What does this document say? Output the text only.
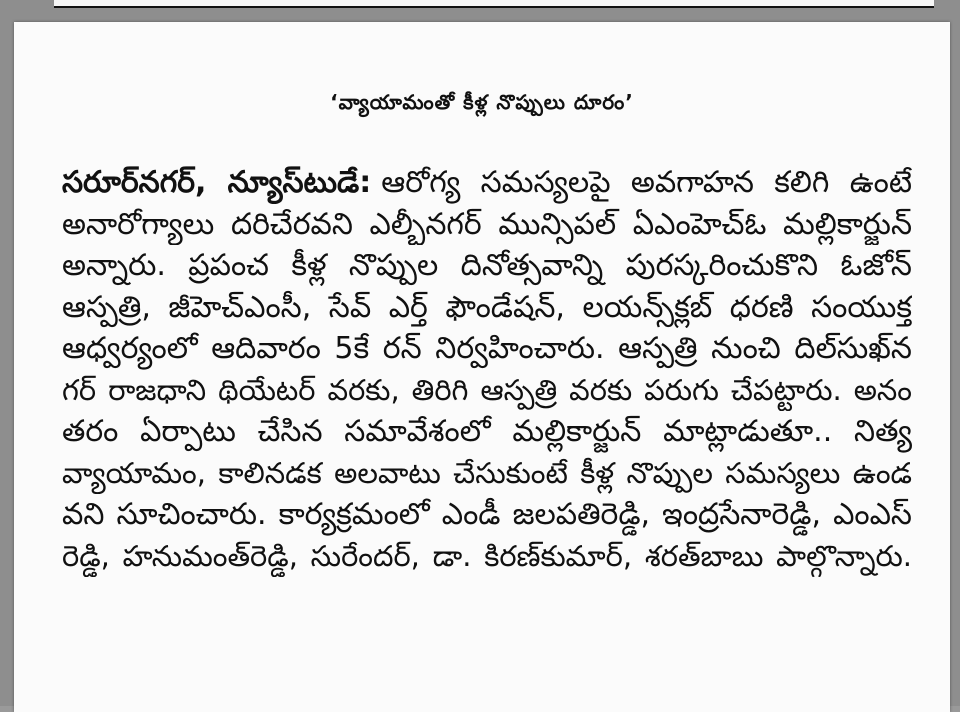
‘వ్యాయామంతో కీళ్ల నొప్పులు దూరం’
సరూర్‌నగర్, న్యూస్‌టుడే: ఆరోగ్య సమస్యలపై అవగాహన కలిగి ఉంటే
అనారోగ్యాలు దరిచేరవని ఎల్బీనగర్ మున్సిపల్ ఏఎంహెచ్‌ఓ మల్లికార్జున్
అన్నారు. ప్రపంచ కీళ్ల నొప్పుల దినోత్సవాన్ని పురస్కరించుకొని ఓజోన్
ఆస్పత్రి, జీహెచ్ఎంసీ, సేవ్ ఎర్త్ ఫౌండేషన్, లయన్స్‌క్లబ్ ధరణి సంయుక్త
ఆధ్వర్యంలో ఆదివారం 5కే రన్ నిర్వహించారు. ఆస్పత్రి నుంచి దిల్‌సుఖ్‌న
గర్ రాజధాని థియేటర్ వరకు, తిరిగి ఆస్పత్రి వరకు పరుగు చేపట్టారు. అనం
తరం ఏర్పాటు చేసిన సమావేశంలో మల్లికార్జున్ మాట్లాడుతూ.. నిత్య
వ్యాయామం, కాలినడక అలవాటు చేసుకుంటే కీళ్ల నొప్పుల సమస్యలు ఉండ
వని సూచించారు. కార్యక్రమంలో ఎండీ జలపతిరెడ్డి, ఇంద్రసేనారెడ్డి, ఎంఎస్
రెడ్డి, హనుమంత్‌రెడ్డి, సురేందర్, డా. కిరణ్‌కుమార్, శరత్‌బాబు పాల్గొన్నారు.
